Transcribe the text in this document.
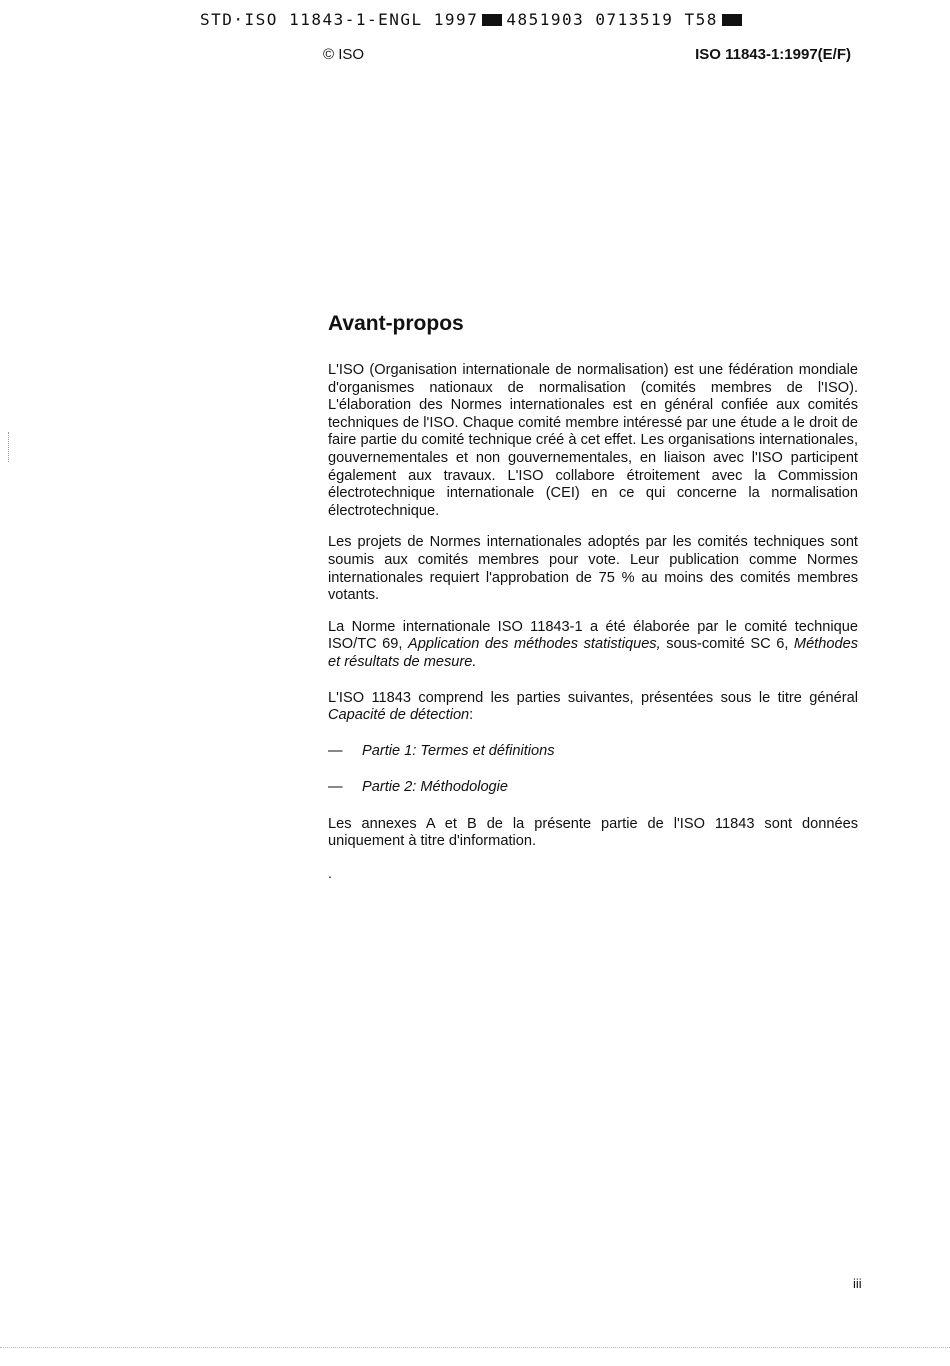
STD·ISO 11843-1-ENGL 1997 4851903 0713519 T58
© ISO	ISO 11843-1:1997(E/F)
Avant-propos

L'ISO (Organisation internationale de normalisation) est une fédération mondiale d'organismes nationaux de normalisation (comités membres de l'ISO). L'élaboration des Normes internationales est en général confiée aux comités techniques de l'ISO. Chaque comité membre intéressé par une étude a le droit de faire partie du comité technique créé à cet effet. Les organisations internationales, gouvernementales et non gouvernementales, en liaison avec l'ISO participent également aux travaux. L'ISO collabore étroitement avec la Commission électrotechnique internationale (CEI) en ce qui concerne la normalisation électrotechnique.

Les projets de Normes internationales adoptés par les comités techniques sont soumis aux comités membres pour vote. Leur publication comme Normes internationales requiert l'approbation de 75 % au moins des comités membres votants.

La Norme internationale ISO 11843-1 a été élaborée par le comité technique ISO/TC 69, Application des méthodes statistiques, sous-comité SC 6, Méthodes et résultats de mesure.

L'ISO 11843 comprend les parties suivantes, présentées sous le titre général Capacité de détection:

—	Partie 1: Termes et définitions
—	Partie 2: Méthodologie

Les annexes A et B de la présente partie de l'ISO 11843 sont données uniquement à titre d'information.

.
iii
